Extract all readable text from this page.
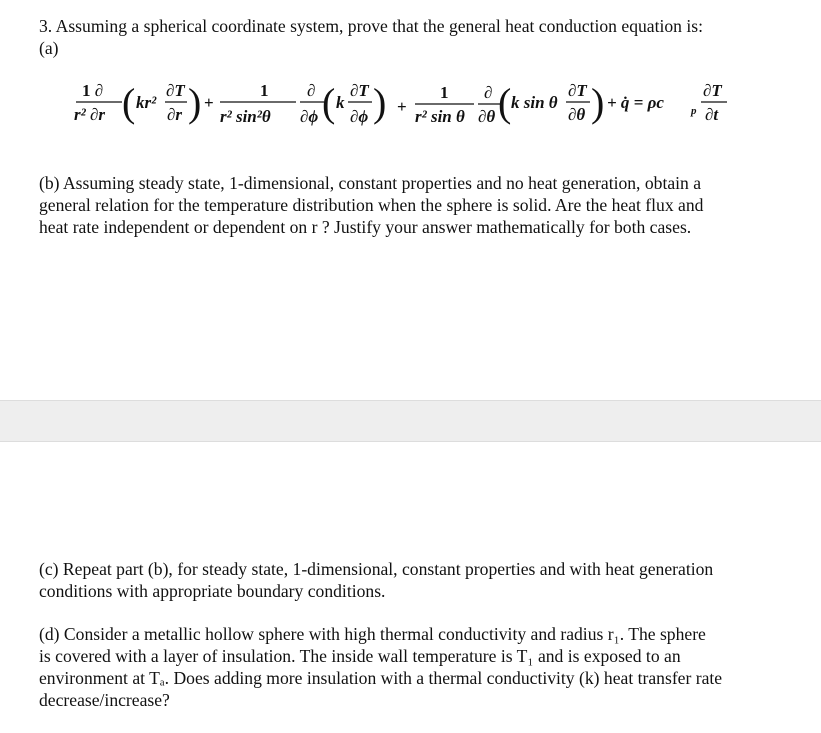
3. Assuming a spherical coordinate system, prove that the general heat conduction equation is:
(a)
1 ∂
r² ∂r ( kr²
∂T
∂r ) +
1
r² sin²θ
∂
∂ϕ ( k
∂T
∂ϕ ) +
1
r² sin θ
∂
∂θ ( k sin θ
∂T
∂θ ) + q̇ = ρc p
∂T
∂t
(b) Assuming steady state, 1-dimensional, constant properties and no heat generation, obtain a
general relation for the temperature distribution when the sphere is solid. Are the heat flux and
heat rate independent or dependent on r ? Justify your answer mathematically for both cases.
(c) Repeat part (b), for steady state, 1-dimensional, constant properties and with heat generation
conditions with appropriate boundary conditions.
(d) Consider a metallic hollow sphere with high thermal conductivity and radius r₁. The sphere
is covered with a layer of insulation. The inside wall temperature is T₁ and is exposed to an
environment at Tₐ. Does adding more insulation with a thermal conductivity (k) heat transfer rate
decrease/increase?
